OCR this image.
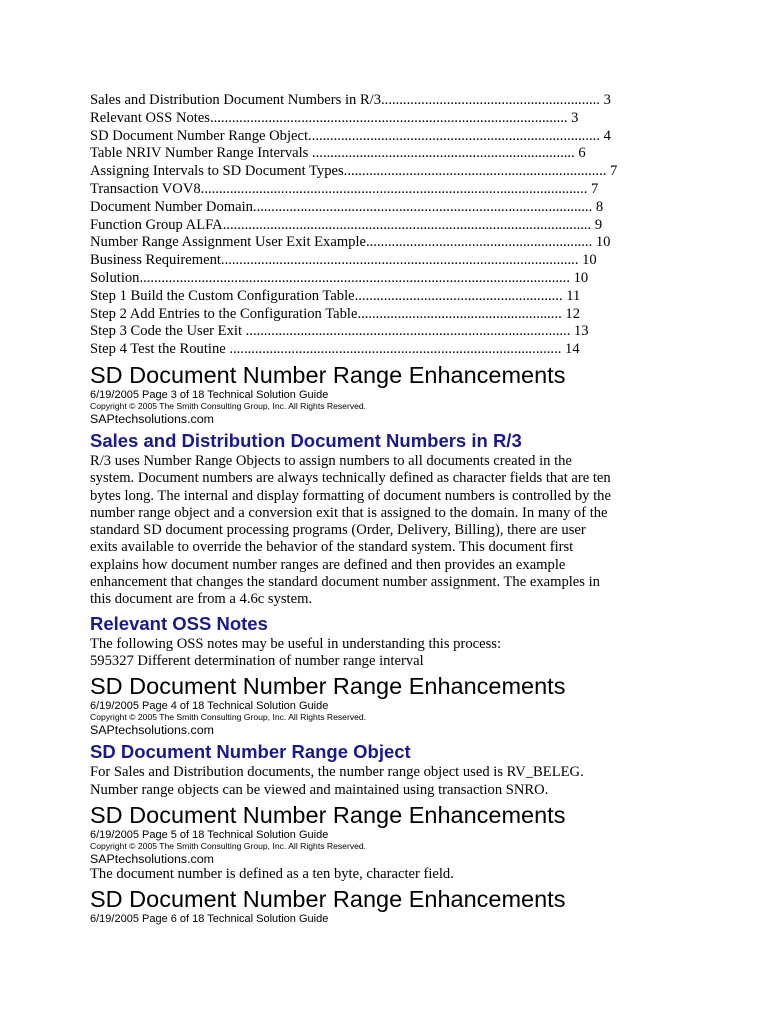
Sales and Distribution Document Numbers in R/3............................................................ 3
Relevant OSS Notes.................................................................................................. 3
SD Document Number Range Object................................................................................ 4
Table NRIV Number Range Intervals ........................................................................ 6
Assigning Intervals to SD Document Types........................................................................ 7
Transaction VOV8.......................................................................................................... 7
Document Number Domain............................................................................................. 8
Function Group ALFA..................................................................................................... 9
Number Range Assignment User Exit Example.............................................................. 10
Business Requirement.................................................................................................. 10
Solution...................................................................................................................... 10
Step 1 Build the Custom Configuration Table......................................................... 11
Step 2 Add Entries to the Configuration Table........................................................ 12
Step 3 Code the User Exit ......................................................................................... 13
Step 4 Test the Routine ........................................................................................... 14
SD Document Number Range Enhancements
6/19/2005 Page 3 of 18 Technical Solution Guide
Copyright © 2005 The Smith Consulting Group, Inc. All Rights Reserved.
SAPtechsolutions.com
Sales and Distribution Document Numbers in R/3
R/3 uses Number Range Objects to assign numbers to all documents created in the
system. Document numbers are always technically defined as character fields that are ten
bytes long. The internal and display formatting of document numbers is controlled by the
number range object and a conversion exit that is assigned to the domain. In many of the
standard SD document processing programs (Order, Delivery, Billing), there are user
exits available to override the behavior of the standard system. This document first
explains how document number ranges are defined and then provides an example
enhancement that changes the standard document number assignment. The examples in
this document are from a 4.6c system.
Relevant OSS Notes
The following OSS notes may be useful in understanding this process:
595327 Different determination of number range interval
SD Document Number Range Enhancements
6/19/2005 Page 4 of 18 Technical Solution Guide
Copyright © 2005 The Smith Consulting Group, Inc. All Rights Reserved.
SAPtechsolutions.com
SD Document Number Range Object
For Sales and Distribution documents, the number range object used is RV_BELEG.
Number range objects can be viewed and maintained using transaction SNRO.
SD Document Number Range Enhancements
6/19/2005 Page 5 of 18 Technical Solution Guide
Copyright © 2005 The Smith Consulting Group, Inc. All Rights Reserved.
SAPtechsolutions.com
The document number is defined as a ten byte, character field.
SD Document Number Range Enhancements
6/19/2005 Page 6 of 18 Technical Solution Guide
